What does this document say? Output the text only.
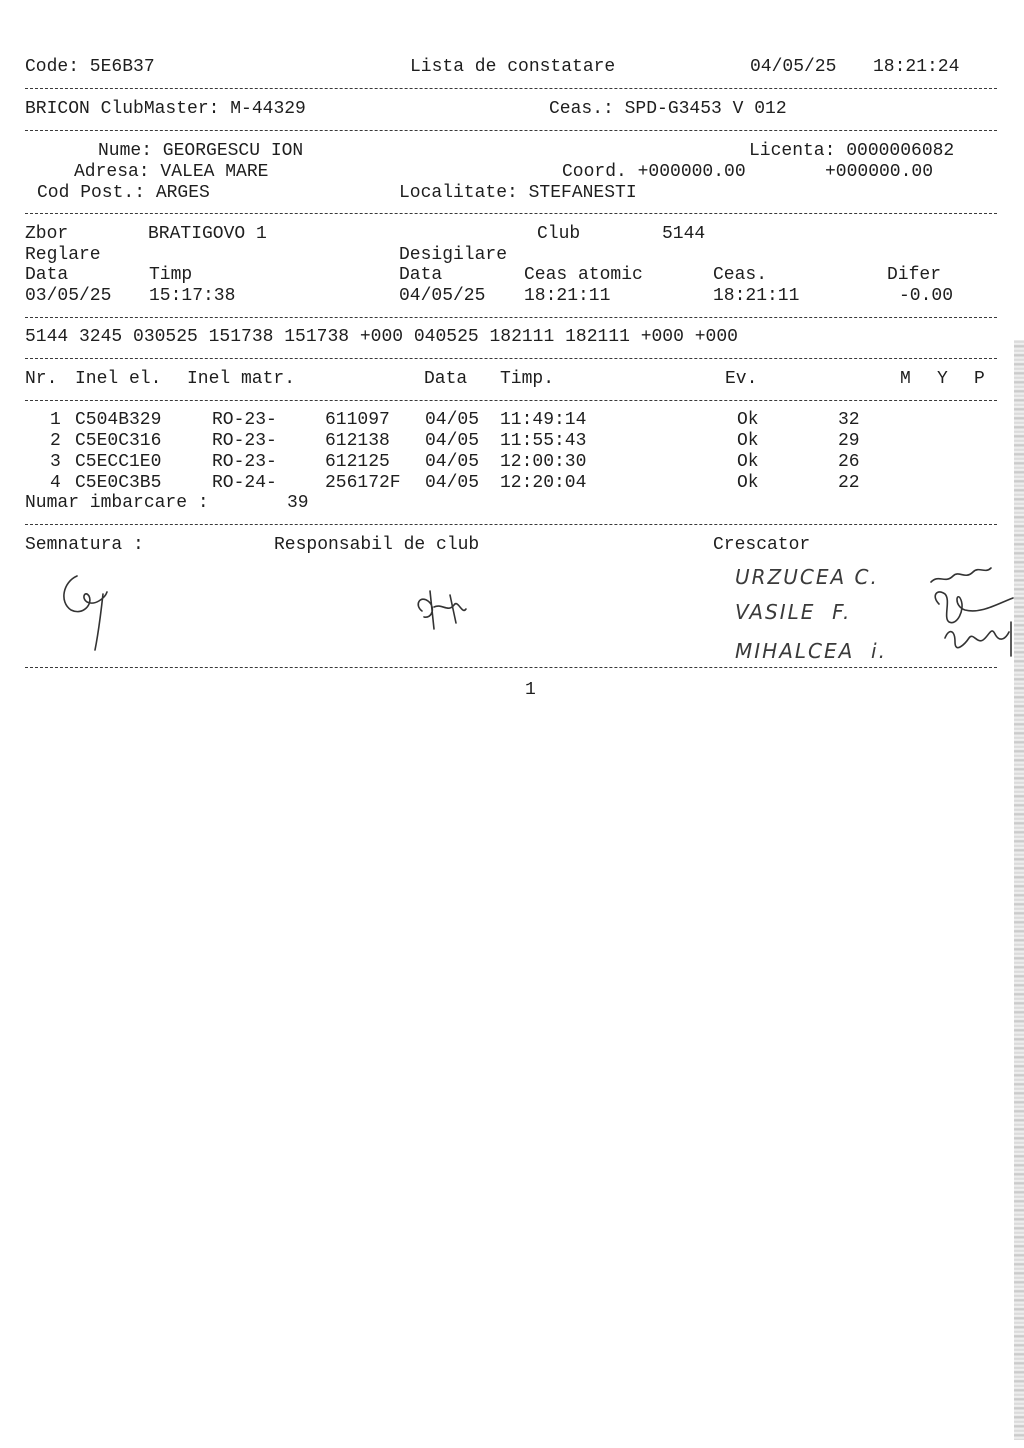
Code: 5E6B37	Lista de constatare	04/05/25 18:21:24
BRICON ClubMaster: M-44329	Ceas.: SPD-G3453 V 012
Nume: GEORGESCU ION	Licenta: 0000006082
Adresa: VALEA MARE	Coord. +000000.00	+000000.00
Cod Post.: ARGES	Localitate: STEFANESTI
Zbor	BRATIGOVO 1	Club	5144
Reglare	Desigilare
Data	Timp	Data	Ceas atomic	Ceas.	Difer
03/05/25 15:17:38	04/05/25 18:21:11	18:21:11	-0.00
5144 3245 030525 151738 151738 +000 040525 182111 182111 +000 +000
Nr. Inel el. Inel matr.	Data Timp.	Ev.	M Y P
1 C504B329	RO-23-	611097 04/05 11:49:14	Ok	32
2 C5E0C316	RO-23-	612138 04/05 11:55:43	Ok	29
3 C5ECC1E0	RO-23-	612125 04/05 12:00:30	Ok	26
4 C5E0C3B5	RO-24-	256172F 04/05 12:20:04	Ok	22
Numar imbarcare :	39
Semnatura :	Responsabil de club	Crescator
URZUCEA C.
VASILE  F.
MIHALCEA  i.
1
